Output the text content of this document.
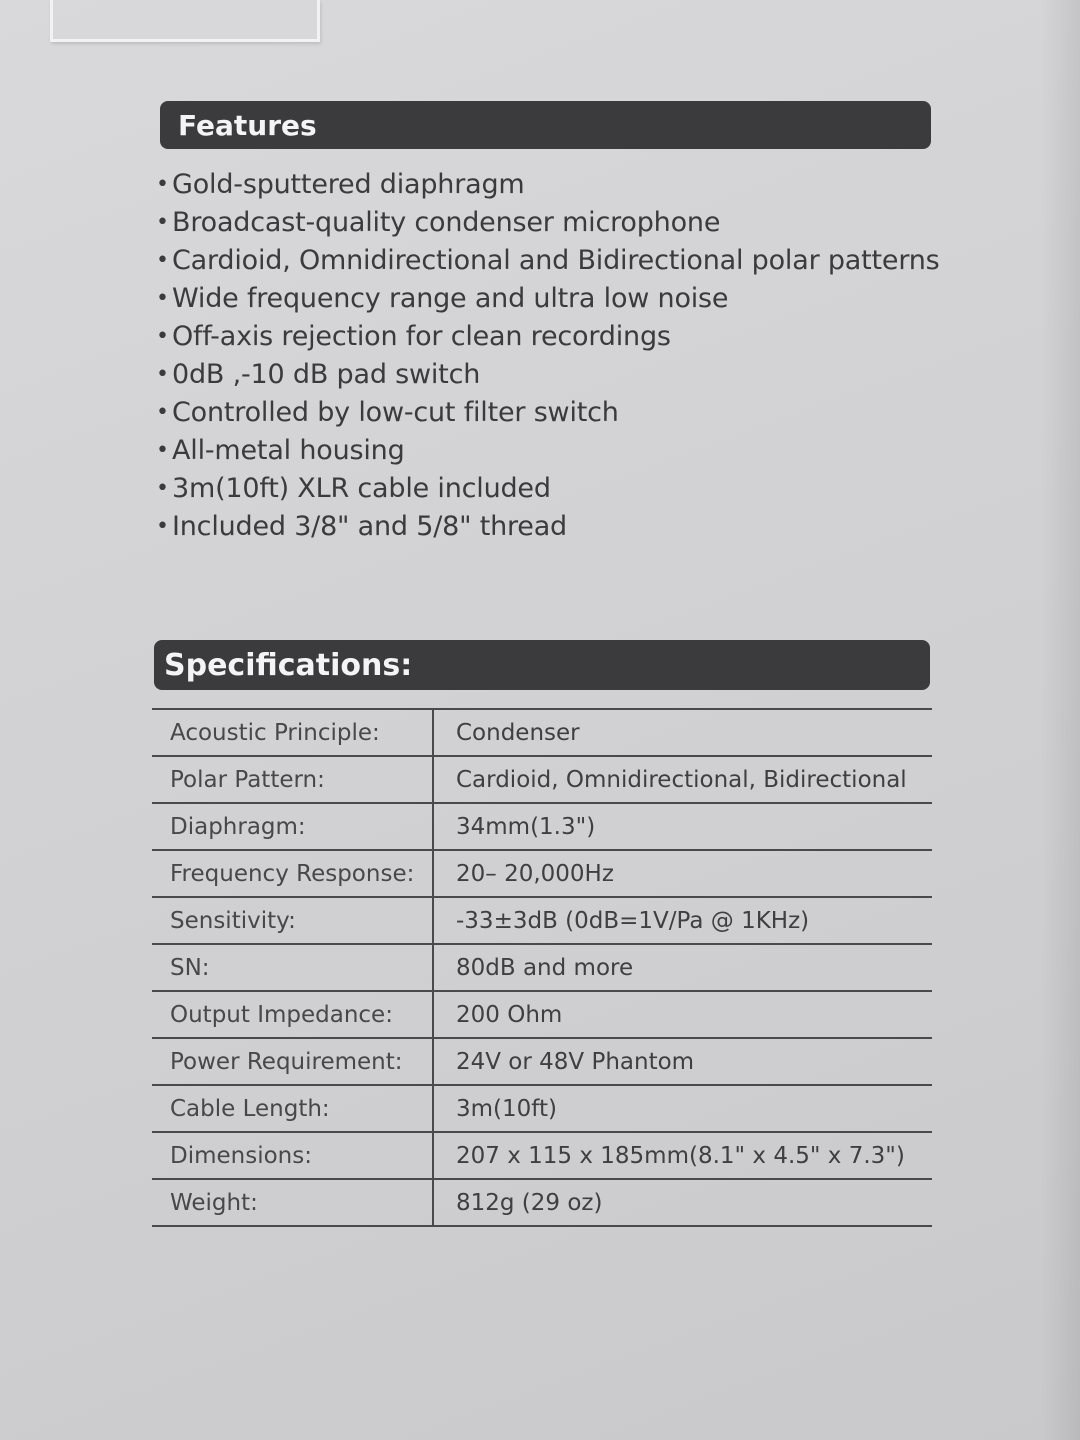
Features
• Gold-sputtered diaphragm
• Broadcast-quality condenser microphone
• Cardioid, Omnidirectional and Bidirectional polar patterns
• Wide frequency range and ultra low noise
• Off-axis rejection for clean recordings
• 0dB ,-10 dB pad switch
• Controlled by low-cut filter switch
• All-metal housing
• 3m(10ft) XLR cable included
• Included 3/8" and 5/8" thread
Specifications:
Acoustic Principle:	Condenser
Polar Pattern:	Cardioid, Omnidirectional, Bidirectional
Diaphragm:	34mm(1.3")
Frequency Response:	20– 20,000Hz
Sensitivity:	-33±3dB (0dB=1V/Pa @ 1KHz)
SN:	80dB and more
Output Impedance:	200 Ohm
Power Requirement:	24V or 48V Phantom
Cable Length:	3m(10ft)
Dimensions:	207 x 115 x 185mm(8.1" x 4.5" x 7.3")
Weight:	812g (29 oz)
